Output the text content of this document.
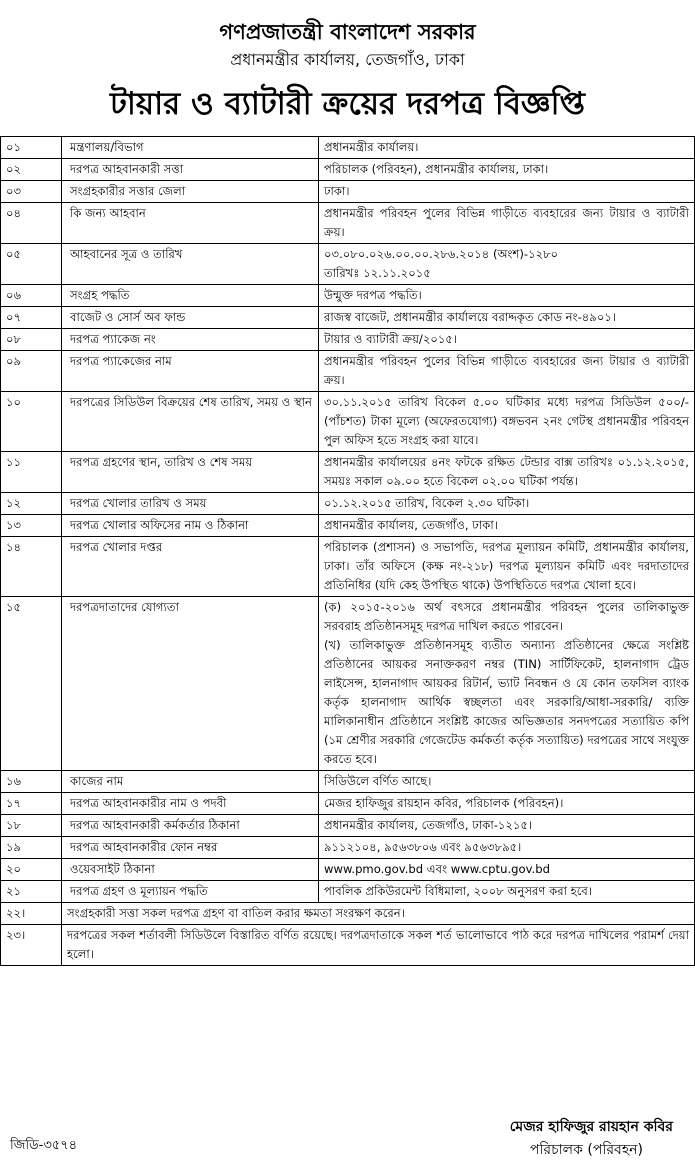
গণপ্রজাতন্ত্রী বাংলাদেশ সরকার
প্রধানমন্ত্রীর কার্যালয়, তেজগাঁও, ঢাকা
টায়ার ও ব্যাটারী ক্রয়ের দরপত্র বিজ্ঞপ্তি
০১	মন্ত্রণালয়/বিভাগ	প্রধানমন্ত্রীর কার্যালয়।

০২	দরপত্র আহবানকারী সত্তা	পরিচালক (পরিবহন), প্রধানমন্ত্রীর কার্যালয়, ঢাকা।

০৩	সংগ্রহকারীর সত্তার জেলা	ঢাকা।

০৪	কি জন্য আহবান	প্রধানমন্ত্রীর পরিবহন পুলের বিভিন্ন গাড়ীতে ব্যবহারের জন্য টায়ার ও ব্যাটারী ক্রয়।

০৫	আহবানের সূত্র ও তারিখ	০৩.০৮০.০২৬.০০.০০.২৮৬.২০১৪ (অংশ)-১২৮০
তারিখঃ ১২.১১.২০১৫

০৬	সংগ্রহ পদ্ধতি	উন্মুক্ত দরপত্র পদ্ধতি।

০৭	বাজেট ও সোর্স অব ফান্ড	রাজস্ব বাজেট, প্রধানমন্ত্রীর কার্যালয়ে বরাদ্দকৃত কোড নং-৪৯০১।

০৮	দরপত্র প্যাকেজ নং	টায়ার ও ব্যাটারী ক্রয়/২০১৫।

০৯	দরপত্র প্যাকেজের নাম	প্রধানমন্ত্রীর পরিবহন পুলের বিভিন্ন গাড়ীতে ব্যবহারের জন্য টায়ার ও ব্যাটারী ক্রয়।

১০	দরপত্রের সিডিউল বিক্রয়ের শেষ তারিখ, সময় ও স্থান	৩০.১১.২০১৫ তারিখ বিকেল ৫.০০ ঘটিকার মধ্যে দরপত্র সিডিউল ৫০০/- (পাঁচশত) টাকা মূল্যে (অফেরতযোগ্য) বঙ্গভবন ২নং গেটস্থ প্রধানমন্ত্রীর পরিবহন পুল অফিস হতে সংগ্রহ করা যাবে।

১১	দরপত্র গ্রহণের স্থান, তারিখ ও শেষ সময়	প্রধানমন্ত্রীর কার্যালয়ের ৪নং ফটকে রক্ষিত টেন্ডার বাক্স তারিখঃ ০১.১২.২০১৫, সময়ঃ সকাল ০৯.০০ হতে বিকেল ০২.০০ ঘটিকা পর্যন্ত।

১২	দরপত্র খোলার তারিখ ও সময়	০১.১২.২০১৫ তারিখ, বিকেল ২.৩০ ঘটিকা।

১৩	দরপত্র খোলার অফিসের নাম ও ঠিকানা	প্রধানমন্ত্রীর কার্যালয়, তেজগাঁও, ঢাকা।

১৪	দরপত্র খোলার দপ্তর	পরিচালক (প্রশাসন) ও সভাপতি, দরপত্র মূল্যায়ন কমিটি, প্রধানমন্ত্রীর কার্যালয়, ঢাকা। তাঁর অফিসে (কক্ষ নং-২১৮) দরপত্র মূল্যায়ন কমিটি এবং দরদাতাদের প্রতিনিধির (যদি কেহ উপস্থিত থাকে) উপস্থিতিতে দরপত্র খোলা হবে।

১৫	দরপত্রদাতাদের যোগ্যতা	(ক) ২০১৫-২০১৬ অর্থ বৎসরে প্রধানমন্ত্রীর পরিবহন পুলের তালিকাভুক্ত সরবরাহ প্রতিষ্ঠানসমূহ দরপত্র দাখিল করতে পারবেন।
(খ) তালিকাভুক্ত প্রতিষ্ঠানসমূহ ব্যতীত অন্যান্য প্রতিষ্ঠানের ক্ষেত্রে সংশ্লিষ্ট প্রতিষ্ঠানের আয়কর সনাক্তকরণ নম্বর (TIN) সার্টিফিকেট, হালনাগাদ ট্রেড লাইসেন্স, হালনাগাদ আয়কর রিটার্ন, ভ্যাট নিবন্ধন ও যে কোন তফসিল ব্যাংক কর্তৃক হালনাগাদ আর্থিক স্বচ্ছলতা এবং সরকারি/আধা-সরকারি/ ব্যক্তি মালিকানাধীন প্রতিষ্ঠানে সংশ্লিষ্ট কাজের অভিজ্ঞতার সনদপত্রের সত্যায়িত কপি (১ম শ্রেণীর সরকারি গেজেটেড কর্মকর্তা কর্তৃক সত্যায়িত) দরপত্রের সাথে সংযুক্ত করতে হবে।

১৬	কাজের নাম	সিডিউলে বর্ণিত আছে।

১৭	দরপত্র আহবানকারীর নাম ও পদবী	মেজর হাফিজুর রায়হান কবির, পরিচালক (পরিবহন)।

১৮	দরপত্র আহবানকারী কর্মকর্তার ঠিকানা	প্রধানমন্ত্রীর কার্যালয়, তেজগাঁও, ঢাকা-১২১৫।

১৯	দরপত্র আহবানকারীর ফোন নম্বর	৯১১২১০৪, ৯৫৬৩৮০৬ এবং ৯৫৬৩৮৯৫।

২০	ওয়েবসাইট ঠিকানা	www.pmo.gov.bd এবং www.cptu.gov.bd

২১	দরপত্র গ্রহণ ও মূল্যায়ন পদ্ধতি	পাবলিক প্রকিউরমেন্ট বিধিমালা, ২০০৮ অনুসরণ করা হবে।

২২।	সংগ্রহকারী সত্তা সকল দরপত্র গ্রহণ বা বাতিল করার ক্ষমতা সংরক্ষণ করেন।	
২৩।	দরপত্রের সকল শর্তাবলী সিডিউলে বিস্তারিত বর্ণিত রয়েছে। দরপত্রদাতাকে সকল শর্ত ভালোভাবে পাঠ করে দরপত্র দাখিলের পরামর্শ দেয়া হলো।	
জিডি-৩৫৭৪
মেজর হাফিজুর রায়হান কবির
পরিচালক (পরিবহন)
